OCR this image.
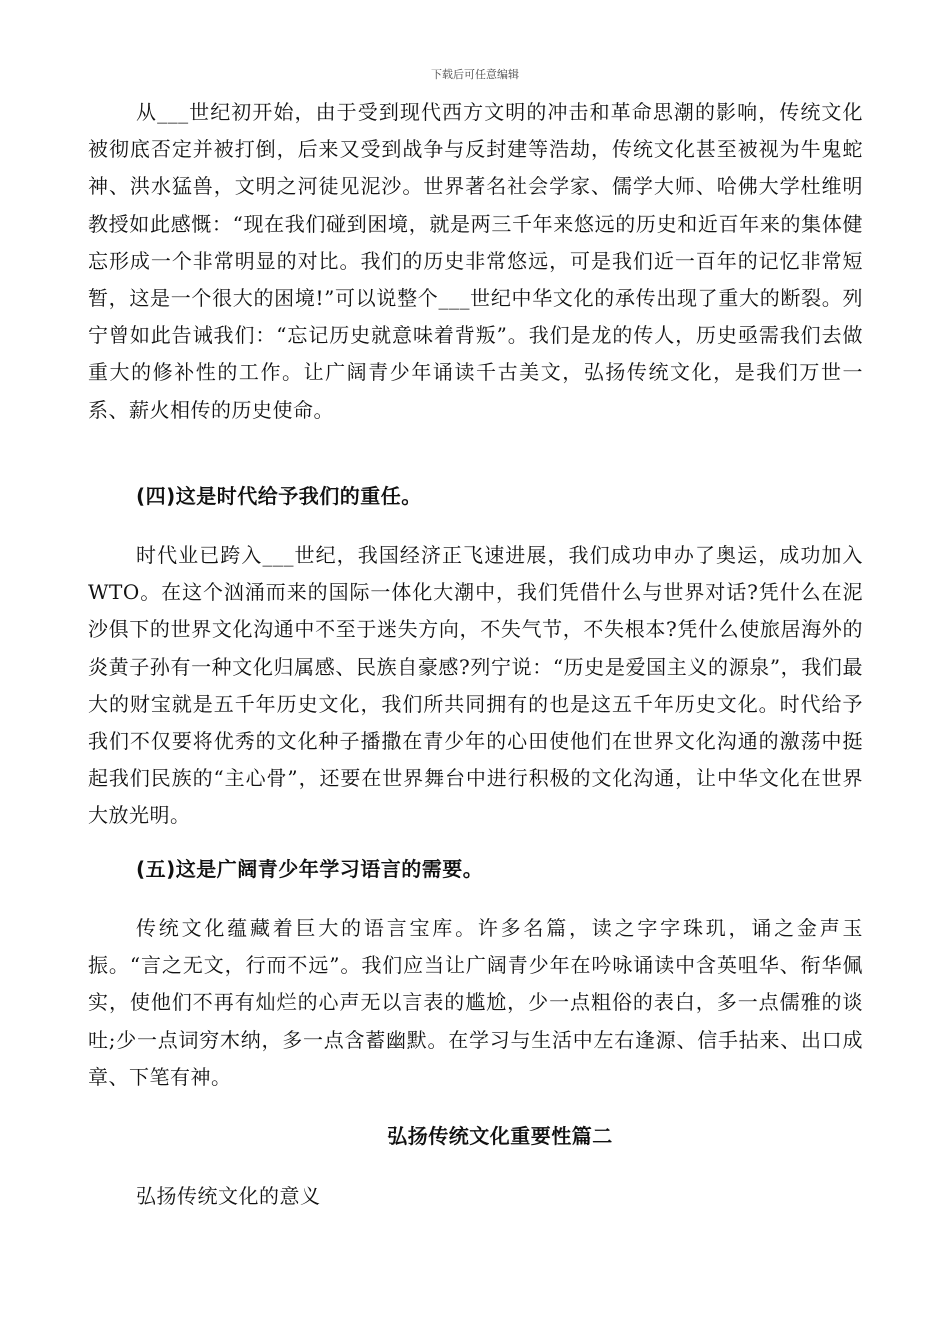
下载后可任意编辑

从___世纪初开始，由于受到现代西方文明的冲击和革命思潮的影响，传统文化被彻底否定并被打倒，后来又受到战争与反封建等浩劫，传统文化甚至被视为牛鬼蛇神、洪水猛兽，文明之河徒见泥沙。世界著名社会学家、儒学大师、哈佛大学杜维明教授如此感慨：“现在我们碰到困境，就是两三千年来悠远的历史和近百年来的集体健忘形成一个非常明显的对比。我们的历史非常悠远，可是我们近一百年的记忆非常短暂，这是一个很大的困境!”可以说整个___世纪中华文化的承传出现了重大的断裂。列宁曾如此告诫我们：“忘记历史就意味着背叛”。我们是龙的传人，历史亟需我们去做重大的修补性的工作。让广阔青少年诵读千古美文，弘扬传统文化，是我们万世一系、薪火相传的历史使命。

(四)这是时代给予我们的重任。

时代业已跨入___世纪，我国经济正飞速进展，我们成功申办了奥运，成功加入WTO。在这个汹涌而来的国际一体化大潮中，我们凭借什么与世界对话?凭什么在泥沙俱下的世界文化沟通中不至于迷失方向，不失气节，不失根本?凭什么使旅居海外的炎黄子孙有一种文化归属感、民族自豪感?列宁说：“历史是爱国主义的源泉”，我们最大的财宝就是五千年历史文化，我们所共同拥有的也是这五千年历史文化。时代给予我们不仅要将优秀的文化种子播撒在青少年的心田使他们在世界文化沟通的激荡中挺起我们民族的“主心骨”，还要在世界舞台中进行积极的文化沟通，让中华文化在世界大放光明。

(五)这是广阔青少年学习语言的需要。

传统文化蕴藏着巨大的语言宝库。许多名篇，读之字字珠玑，诵之金声玉振。“言之无文，行而不远”。我们应当让广阔青少年在吟咏诵读中含英咀华、衔华佩实，使他们不再有灿烂的心声无以言表的尴尬，少一点粗俗的表白，多一点儒雅的谈吐;少一点词穷木纳，多一点含蓄幽默。在学习与生活中左右逢源、信手拈来、出口成章、下笔有神。

弘扬传统文化重要性篇二

弘扬传统文化的意义
